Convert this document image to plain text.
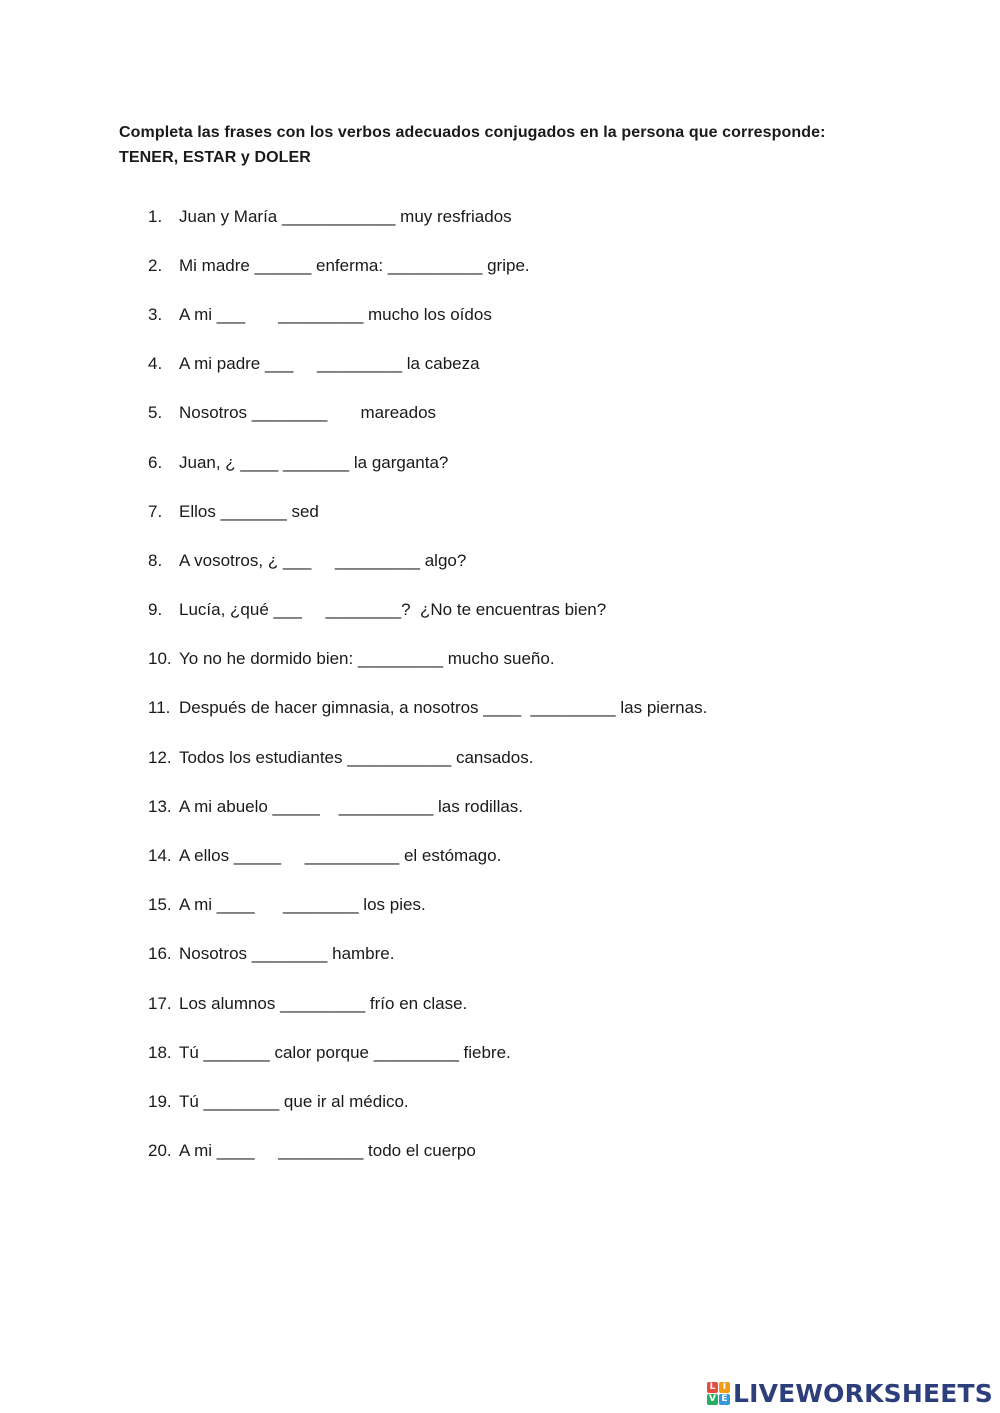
Completa las frases con los verbos adecuados conjugados en la persona que corresponde:
TENER, ESTAR y DOLER
1. Juan y María ____________ muy resfriados
2. Mi madre ______ enferma: __________ gripe.
3. A mi ___       _________ mucho los oídos
4. A mi padre ___     _________ la cabeza
5. Nosotros ________       mareados
6. Juan, ¿ ____ _______ la garganta?
7. Ellos _______ sed
8. A vosotros, ¿ ___     _________ algo?
9. Lucía, ¿qué ___     ________?  ¿No te encuentras bien?
10. Yo no he dormido bien: _________ mucho sueño.
11. Después de hacer gimnasia, a nosotros ____  _________ las piernas.
12. Todos los estudiantes ___________ cansados.
13. A mi abuelo _____    __________ las rodillas.
14. A ellos _____     __________ el estómago.
15. A mi ____      ________ los pies.
16. Nosotros ________ hambre.
17. Los alumnos _________ frío en clase.
18. Tú _______ calor porque _________ fiebre.
19. Tú ________ que ir al médico.
20. A mi ____     _________ todo el cuerpo
L I
V E LIVEWORKSHEETS
